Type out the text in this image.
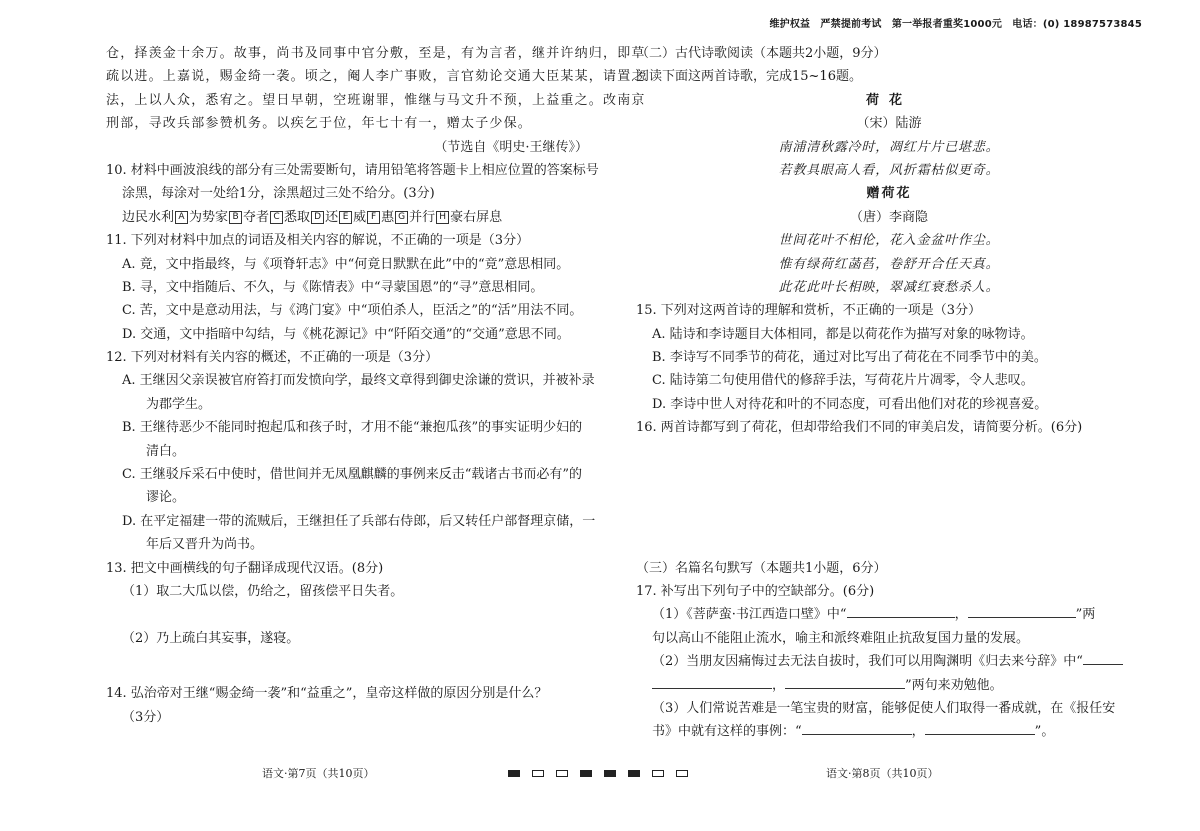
维护权益　严禁提前考试　第一举报者重奖1000元　电话：(0) 18987573845
仓，择羡金十余万。故事，尚书及同事中官分敷，至是，有为言者，继并许纳归，即草
疏以进。上嘉说，赐金绮一袭。顷之，阉人李广事败，言官劾论交通大臣某某，请置之
法，上以人众，悉宥之。望日早朝，空班谢罪，惟继与马文升不预，上益重之。改南京
刑部，寻改兵部参赞机务。以疾乞于位，年七十有一，赠太子少保。
（节选自《明史·王继传》）
10. 材料中画波浪线的部分有三处需要断句，请用铅笔将答题卡上相应位置的答案标号
涂黑，每涂对一处给1分，涂黑超过三处不给分。(3分)
边民水利 A 为势家 B 夺者 C 悉取 D 还 E 威 F 惠 G 并行 H 豪右屏息
11. 下列对材料中加点的词语及相关内容的解说，不正确的一项是（3分）
A. 竟，文中指最终，与《项脊轩志》中“何竟日默默在此”中的“竟”意思相同。
B. 寻，文中指随后、不久，与《陈情表》中“寻蒙国恩”的“寻”意思相同。
C. 苦，文中是意动用法，与《鸿门宴》中“项伯杀人，臣活之”的“活”用法不同。
D. 交通，文中指暗中勾结，与《桃花源记》中“阡陌交通”的“交通”意思不同。
12. 下列对材料有关内容的概述，不正确的一项是（3分）
A. 王继因父亲误被官府笞打而发愤向学，最终文章得到御史涂谦的赏识，并被补录
为郡学生。
B. 王继待恶少不能同时抱起瓜和孩子时，才用不能“兼抱瓜孩”的事实证明少妇的
清白。
C. 王继驳斥采石中使时，借世间并无凤凰麒麟的事例来反击“载诸古书而必有”的
谬论。
D. 在平定福建一带的流贼后，王继担任了兵部右侍郎，后又转任户部督理京储，一
年后又晋升为尚书。
13. 把文中画横线的句子翻译成现代汉语。(8分)
（1）取二大瓜以偿，仍给之，留孩偿平日失者。
（2）乃上疏白其妄事，遂寝。
14. 弘治帝对王继“赐金绮一袭”和“益重之”，皇帝这样做的原因分别是什么？
（3分）
（二）古代诗歌阅读（本题共2小题，9分）
阅读下面这两首诗歌，完成15~16题。
荷花
（宋）陆游
南浦清秋露冷时，凋红片片已堪悲。
若教具眼高人看，风折霜枯似更奇。
赠荷花
（唐）李商隐
世间花叶不相伦，花入金盆叶作尘。
惟有绿荷红菡萏，卷舒开合任天真。
此花此叶长相映，翠减红衰愁杀人。
15. 下列对这两首诗的理解和赏析，不正确的一项是（3分）
A. 陆诗和李诗题目大体相同，都是以荷花作为描写对象的咏物诗。
B. 李诗写不同季节的荷花，通过对比写出了荷花在不同季节中的美。
C. 陆诗第二句使用借代的修辞手法，写荷花片片凋零，令人悲叹。
D. 李诗中世人对待花和叶的不同态度，可看出他们对花的珍视喜爱。
16. 两首诗都写到了荷花，但却带给我们不同的审美启发，请简要分析。(6分)
（三）名篇名句默写（本题共1小题，6分）
17. 补写出下列句子中的空缺部分。(6分)
（1）《菩萨蛮·书江西造口壁》中“	，	”两
句以高山不能阻止流水，喻主和派终难阻止抗敌复国力量的发展。
（2）当朋友因痛悔过去无法自拔时，我们可以用陶渊明《归去来兮辞》中“
，	”两句来劝勉他。
（3）人们常说苦难是一笔宝贵的财富，能够促使人们取得一番成就，在《报任安
书》中就有这样的事例：“	，	”。
语文·第7页（共10页）	语文·第8页（共10页）
